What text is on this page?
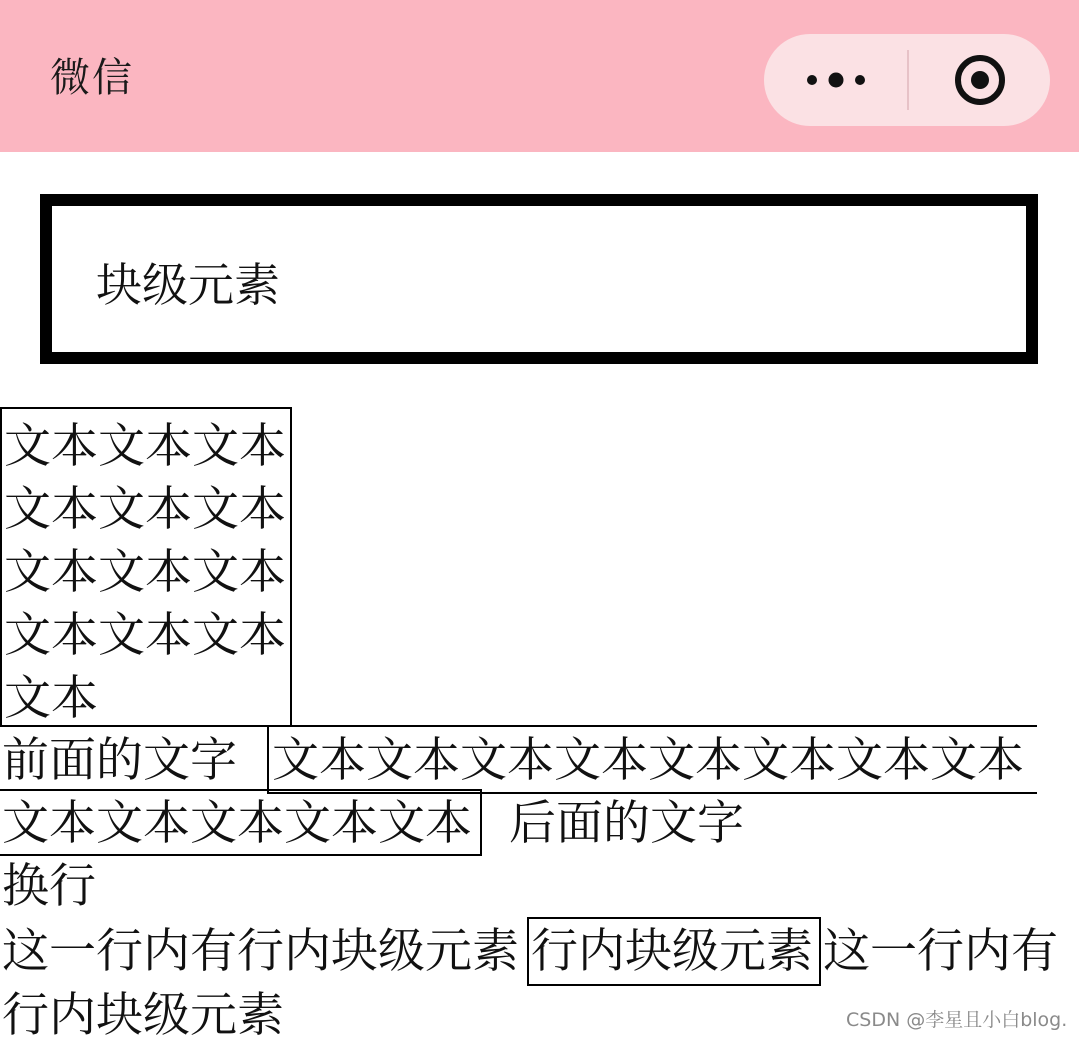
微信
块级元素
文本文本文本
文本文本文本
文本文本文本
文本文本文本
文本
前面的文字 文本文本文本文本文本文本文本文本
文本文本文本文本文本 后面的文字
换行
这一行内有行内块级元素 行内块级元素 这一行内有
行内块级元素	CSDN @李星且小白blog.
